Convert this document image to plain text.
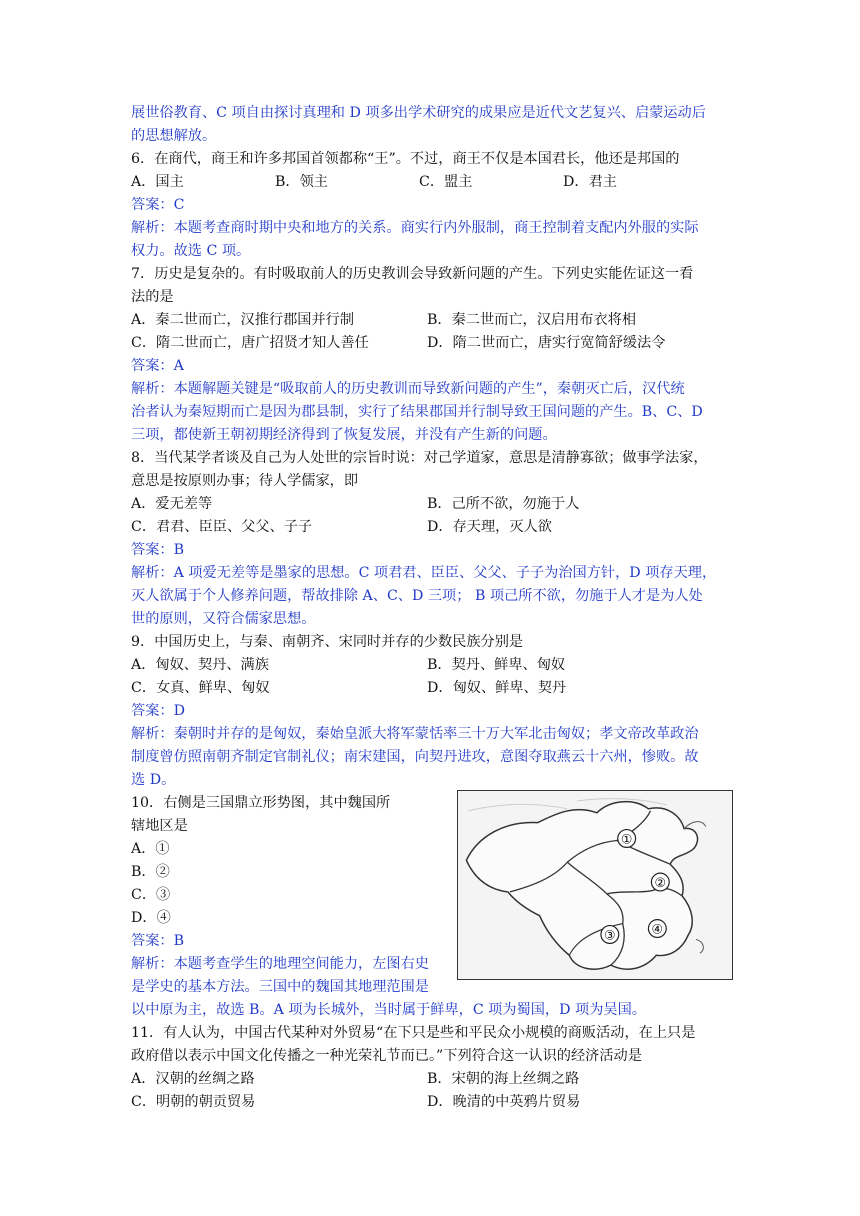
展世俗教育、C 项自由探讨真理和 D 项多出学术研究的成果应是近代文艺复兴、启蒙运动后
的思想解放。
6．在商代，商王和许多邦国首领都称“王”。不过，商王不仅是本国君长，他还是邦国的
A．国主	B．领主	C．盟主	D．君主
答案：C
解析：本题考查商时期中央和地方的关系。商实行内外服制，商王控制着支配内外服的实际
权力。故选 C 项。
7．历史是复杂的。有时吸取前人的历史教训会导致新问题的产生。下列史实能佐证这一看
法的是
A．秦二世而亡，汉推行郡国并行制	B．秦二世而亡，汉启用布衣将相
C．隋二世而亡，唐广招贤才知人善任	D．隋二世而亡，唐实行宽简舒缓法令
答案：A
解析：本题解题关键是“吸取前人的历史教训而导致新问题的产生”，秦朝灭亡后，汉代统
治者认为秦短期而亡是因为郡县制，实行了结果郡国并行制导致王国问题的产生。B、C、D
三项，都使新王朝初期经济得到了恢复发展，并没有产生新的问题。
8．当代某学者谈及自己为人处世的宗旨时说：对己学道家，意思是清静寡欲；做事学法家，
意思是按原则办事；待人学儒家，即
A．爱无差等	B．己所不欲，勿施于人
C．君君、臣臣、父父、子子	D．存天理，灭人欲
答案：B
解析：A 项爱无差等是墨家的思想。C 项君君、臣臣、父父、子子为治国方针，D 项存天理，
灭人欲属于个人修养问题，帮故排除 A、C、D 三项； B 项己所不欲，勿施于人才是为人处
世的原则，又符合儒家思想。
9．中国历史上，与秦、南朝齐、宋同时并存的少数民族分别是
A．匈奴、契丹、满族	B．契丹、鲜卑、匈奴
C．女真、鲜卑、匈奴	D．匈奴、鲜卑、契丹
答案：D
解析：秦朝时并存的是匈奴，秦始皇派大将军蒙恬率三十万大军北击匈奴；孝文帝改革政治
制度曾仿照南朝齐制定官制礼仪；南宋建国，向契丹进攻，意图夺取燕云十六州，惨败。故
选 D。
①
②
③	④
10．右侧是三国鼎立形势图，其中魏国所
辖地区是
A．①
B．②
C．③
D．④
答案：B
解析：本题考查学生的地理空间能力，左图右史
是学史的基本方法。三国中的魏国其地理范围是
以中原为主，故选 B。A 项为长城外，当时属于鲜卑，C 项为蜀国，D 项为吴国。
11．有人认为，中国古代某种对外贸易“在下只是些和平民众小规模的商贩活动，在上只是
政府借以表示中国文化传播之一种光荣礼节而已。”下列符合这一认识的经济活动是
A．汉朝的丝绸之路	B．宋朝的海上丝绸之路
C．明朝的朝贡贸易	D．晚清的中英鸦片贸易
